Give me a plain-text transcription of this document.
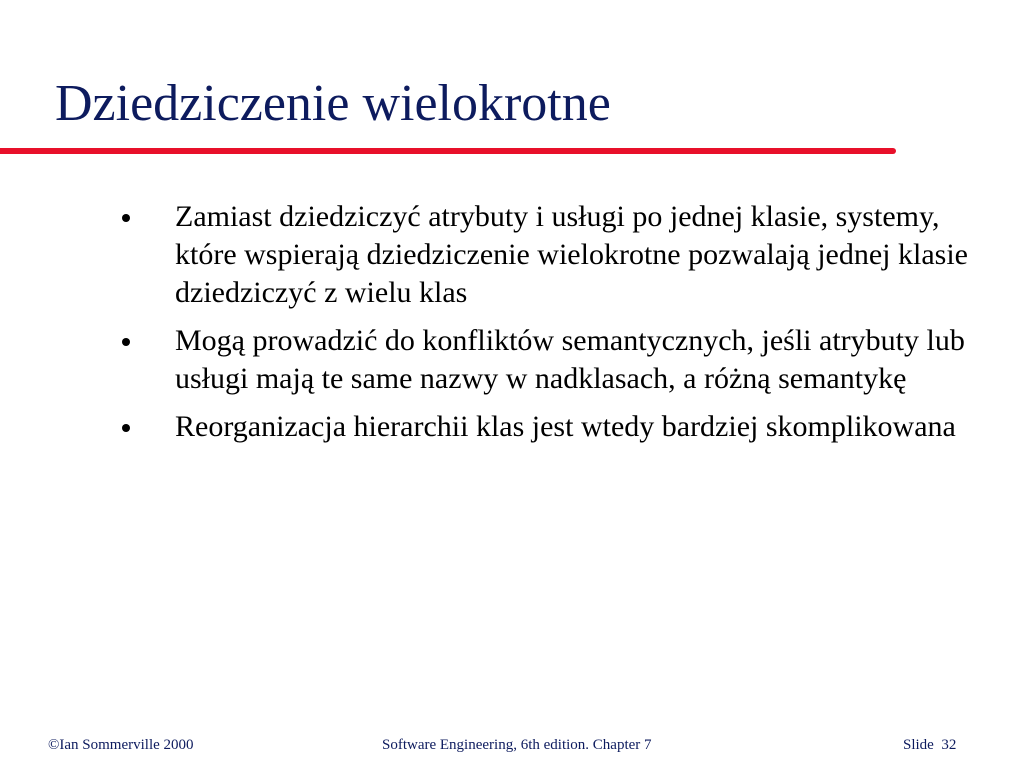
Dziedziczenie wielokrotne
Zamiast dziedziczyć atrybuty i usługi po jednej klasie, systemy, które wspierają dziedziczenie wielokrotne pozwalają jednej klasie dziedziczyć z wielu klas
Mogą prowadzić do konfliktów semantycznych, jeśli atrybuty lub usługi mają te same nazwy w nadklasach, a różną semantykę
Reorganizacja hierarchii klas jest wtedy bardziej skomplikowana
©Ian Sommerville 2000	Software Engineering, 6th edition. Chapter 7	Slide  32
